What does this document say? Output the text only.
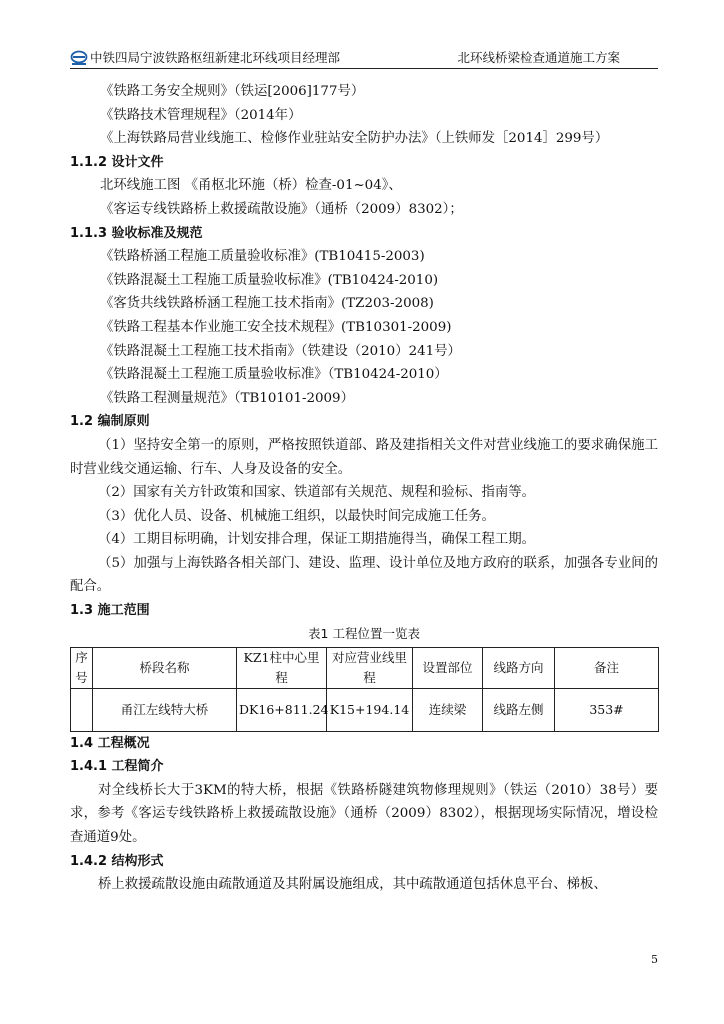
中铁四局宁波铁路枢纽新建北环线项目经理部	北环线桥梁检查通道施工方案
《铁路工务安全规则》（铁运[2006]177号）
《铁路技术管理规程》（2014年）
《上海铁路局营业线施工、检修作业驻站安全防护办法》（上铁师发［2014］299号）
1.1.2 设计文件
北环线施工图 《甬枢北环施（桥）检查-01~04》、
《客运专线铁路桥上救援疏散设施》（通桥（2009）8302）；
1.1.3 验收标准及规范
《铁路桥涵工程施工质量验收标准》(TB10415-2003)
《铁路混凝土工程施工质量验收标准》(TB10424-2010)
《客货共线铁路桥涵工程施工技术指南》(TZ203-2008)
《铁路工程基本作业施工安全技术规程》(TB10301-2009)
《铁路混凝土工程施工技术指南》（铁建设（2010）241号）
《铁路混凝土工程施工质量验收标准》（TB10424-2010）
《铁路工程测量规范》（TB10101-2009）
1.2 编制原则
（1）坚持安全第一的原则，严格按照铁道部、路及建指相关文件对营业线施工的要求确保施工时营业线交通运输、行车、人身及设备的安全。
（2）国家有关方针政策和国家、铁道部有关规范、规程和验标、指南等。
（3）优化人员、设备、机械施工组织，以最快时间完成施工任务。
（4）工期目标明确，计划安排合理，保证工期措施得当，确保工程工期。
（5）加强与上海铁路各相关部门、建设、监理、设计单位及地方政府的联系，加强各专业间的配合。
1.3 施工范围
表1 工程位置一览表
序号	桥段名称	KZ1柱中心里程	对应营业线里程	设置部位	线路方向	备注
	甬江左线特大桥	DK16+811.24	K15+194.14	连续梁	线路左侧	353#
1.4 工程概况
1.4.1 工程简介
对全线桥长大于3KM的特大桥，根据《铁路桥隧建筑物修理规则》（铁运（2010）38号）要求，参考《客运专线铁路桥上救援疏散设施》（通桥（2009）8302），根据现场实际情况，增设检查通道9处。
1.4.2 结构形式
桥上救援疏散设施由疏散通道及其附属设施组成，其中疏散通道包括休息平台、梯板、
5
